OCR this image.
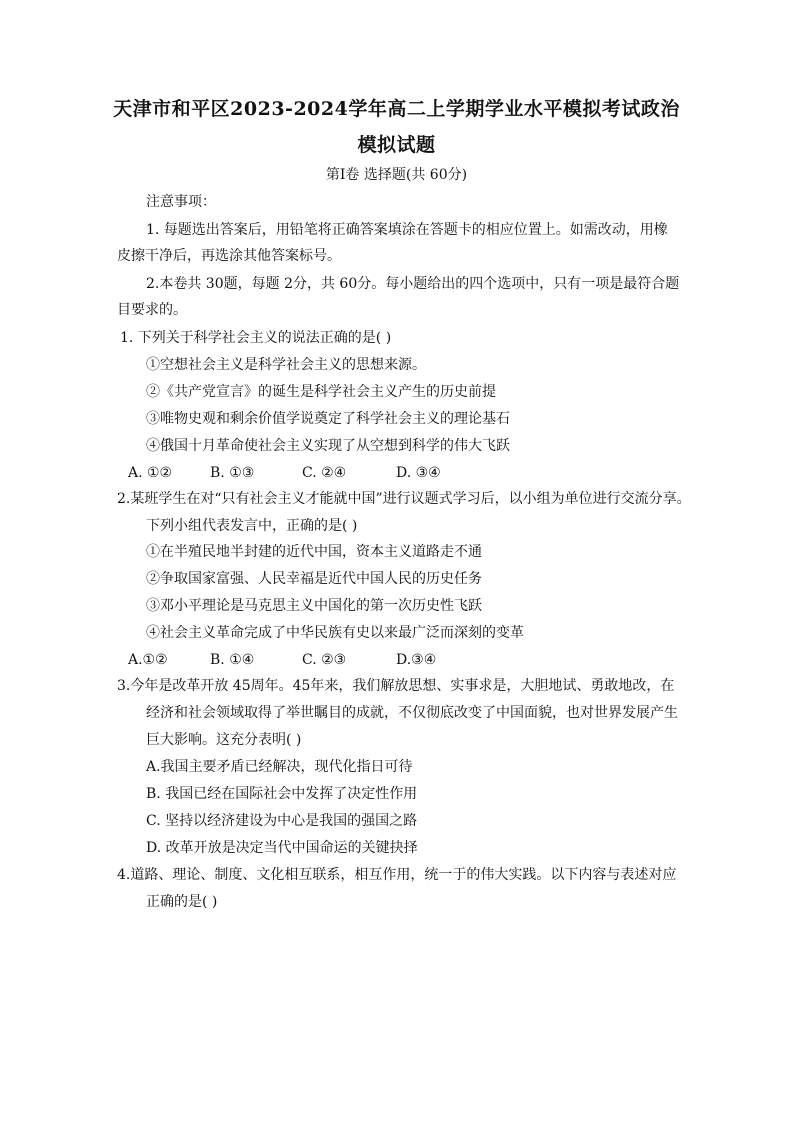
天津市和平区2023-2024学年高二上学期学业水平模拟考试政治
模拟试题
第Ⅰ卷 选择题(共 60分)
注意事项：
1. 每题选出答案后，用铅笔将正确答案填涂在答题卡的相应位置上。如需改动，用橡
皮擦干净后，再选涂其他答案标号。
2.本卷共 30题，每题 2分，共 60分。每小题给出的四个选项中，只有一项是最符合题
目要求的。
1. 下列关于科学社会主义的说法正确的是( )
①空想社会主义是科学社会主义的思想来源。
②《共产党宣言》的诞生是科学社会主义产生的历史前提
③唯物史观和剩余价值学说奠定了科学社会主义的理论基石
④俄国十月革命使社会主义实现了从空想到科学的伟大飞跃
A. ①②	B. ①③	C. ②④	D. ③④
2.某班学生在对“只有社会主义才能就中国”进行议题式学习后，以小组为单位进行交流分享。
下列小组代表发言中，正确的是( )
①在半殖民地半封建的近代中国，资本主义道路走不通
②争取国家富强、人民幸福是近代中国人民的历史任务
③邓小平理论是马克思主义中国化的第一次历史性飞跃
④社会主义革命完成了中华民族有史以来最广泛而深刻的变革
A.①②	B. ①④	C. ②③	D.③④
3.今年是改革开放 45周年。45年来，我们解放思想、实事求是，大胆地试、勇敢地改，在
经济和社会领域取得了举世瞩目的成就，不仅彻底改变了中国面貌，也对世界发展产生
巨大影响。这充分表明( )
A.我国主要矛盾已经解决，现代化指日可待
B. 我国已经在国际社会中发挥了决定性作用
C. 坚持以经济建设为中心是我国的强国之路
D. 改革开放是决定当代中国命运的关键抉择
4.道路、理论、制度、文化相互联系，相互作用，统一于的伟大实践。以下内容与表述对应
正确的是( )
